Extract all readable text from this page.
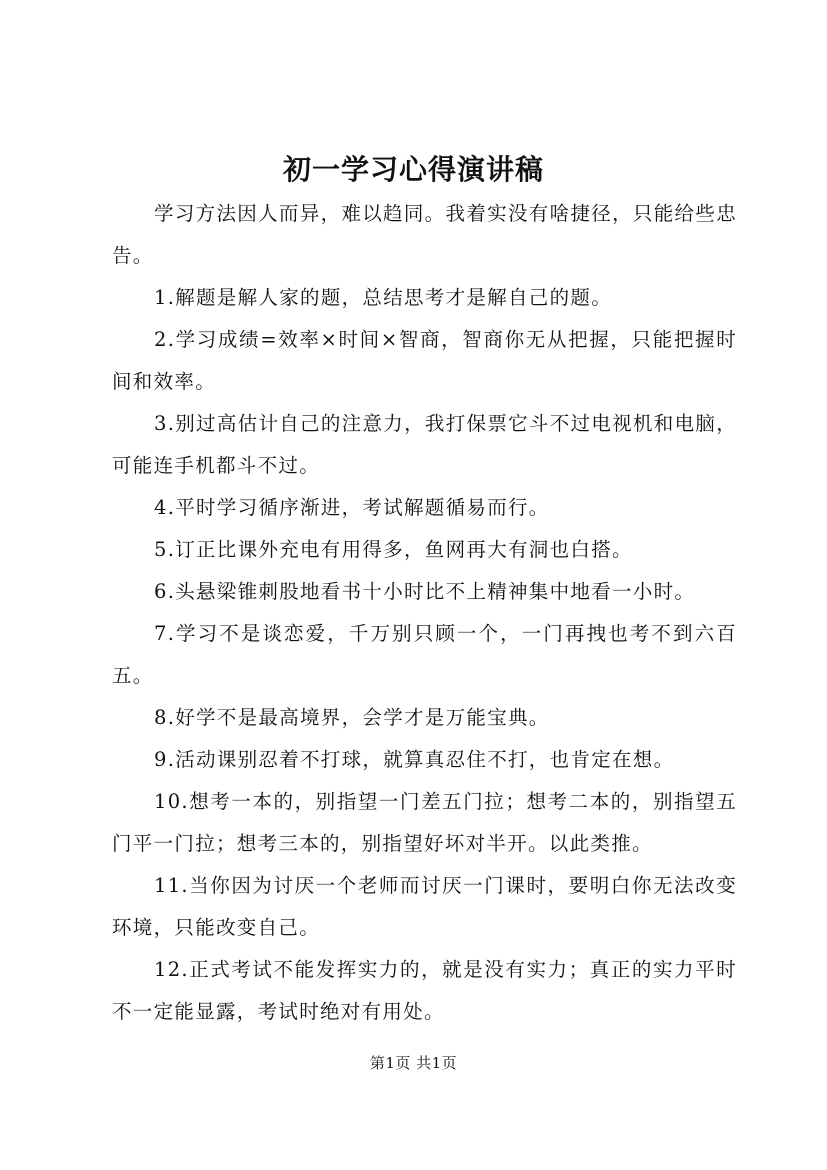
初一学习心得演讲稿

学习方法因人而异，难以趋同。我着实没有啥捷径，只能给些忠告。

1.解题是解人家的题，总结思考才是解自己的题。

2.学习成绩=效率×时间×智商，智商你无从把握，只能把握时间和效率。

3.别过高估计自己的注意力，我打保票它斗不过电视机和电脑，可能连手机都斗不过。

4.平时学习循序渐进，考试解题循易而行。

5.订正比课外充电有用得多，鱼网再大有洞也白搭。

6.头悬梁锥刺股地看书十小时比不上精神集中地看一小时。

7.学习不是谈恋爱，千万别只顾一个，一门再拽也考不到六百五。

8.好学不是最高境界，会学才是万能宝典。

9.活动课别忍着不打球，就算真忍住不打，也肯定在想。

10.想考一本的，别指望一门差五门拉；想考二本的，别指望五门平一门拉；想考三本的，别指望好坏对半开。以此类推。

11.当你因为讨厌一个老师而讨厌一门课时，要明白你无法改变环境，只能改变自己。

12.正式考试不能发挥实力的，就是没有实力；真正的实力平时不一定能显露，考试时绝对有用处。

第1页 共1页
